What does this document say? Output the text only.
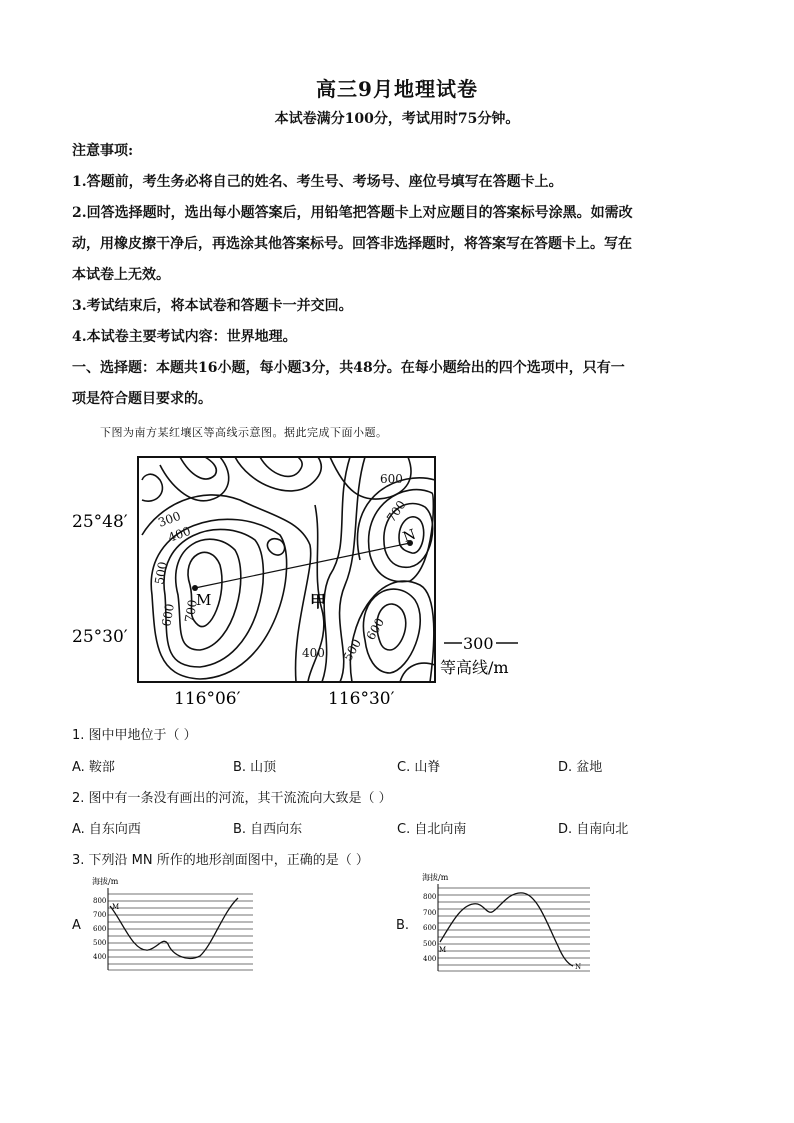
高三9月地理试卷
本试卷满分100分，考试用时75分钟。
注意事项:
1.答题前，考生务必将自己的姓名、考生号、考场号、座位号填写在答题卡上。
2.回答选择题时，选出每小题答案后，用铅笔把答题卡上对应题目的答案标号涂黑。如需改
动，用橡皮擦干净后，再选涂其他答案标号。回答非选择题时，将答案写在答题卡上。写在
本试卷上无效。
3.考试结束后，将本试卷和答题卡一并交回。
4.本试卷主要考试内容：世界地理。
一、选择题：本题共16小题，每小题3分，共48分。在每小题给出的四个选项中，只有一
项是符合题目要求的。
下图为南方某红壤区等高线示意图。据此完成下面小题。
M
N
甲
300
400
500
600 700
700
600
400 500
600
25°48′
25°30′
116°06′	116°30′
300
等高线/m
1. 图中甲地位于（ ）
A. 鞍部	B. 山顶	C. 山脊	D. 盆地
2. 图中有一条没有画出的河流，其干流流向大致是（ ）
A. 自东向西	B. 自西向东	C. 自北向南	D. 自南向北
3. 下列沿 MN 所作的地形剖面图中，正确的是（ ）
A	B.
海拔/m
800
700
600
500
400
M
海拔/m
800
700
600
500
400
M
N
